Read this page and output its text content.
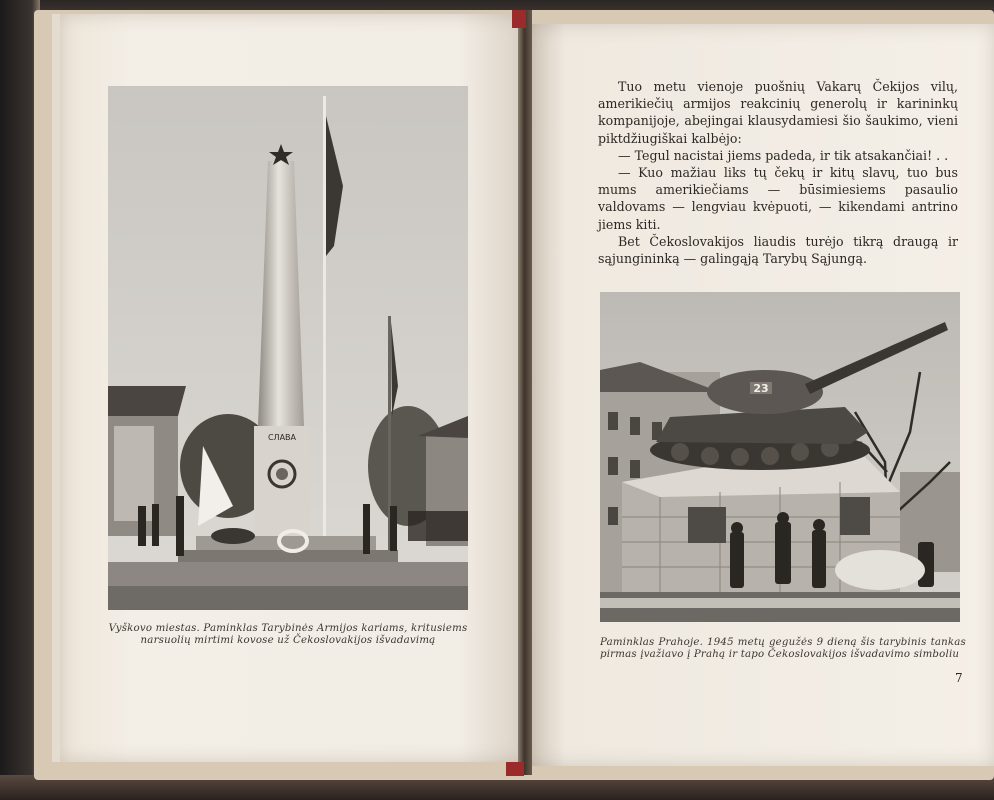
СЛАВА
Vyškovo miestas. Paminklas Tarybinės Armijos kariams, kritusiems narsuolių mirtimi kovose už Čekoslovakijos išvadavimą

Tuo metu vienoje puošnių Vakarų Čekijos vilų, amerikiečių armijos reakcinių generolų ir karininkų kompanijoje, abejingai klausydamiesi šio šaukimo, vieni piktdžiugiškai kalbėjo:

— Tegul nacistai jiems padeda, ir tik atsakančiai! . .

— Kuo mažiau liks tų čekų ir kitų slavų, tuo bus mums amerikiečiams — būsimiesiems pasaulio valdovams — lengviau kvėpuoti, — kikendami antrino jiems kiti.

Bet Čekoslovakijos liaudis turėjo tikrą draugą ir sąjungininką — galingąją Tarybų Sąjungą.

23
Paminklas Prahoje. 1945 metų gegužės 9 dieną šis tarybinis tankas pirmas įvažiavo į Prahą ir tapo Čekoslovakijos išvadavimo simboliu
7
